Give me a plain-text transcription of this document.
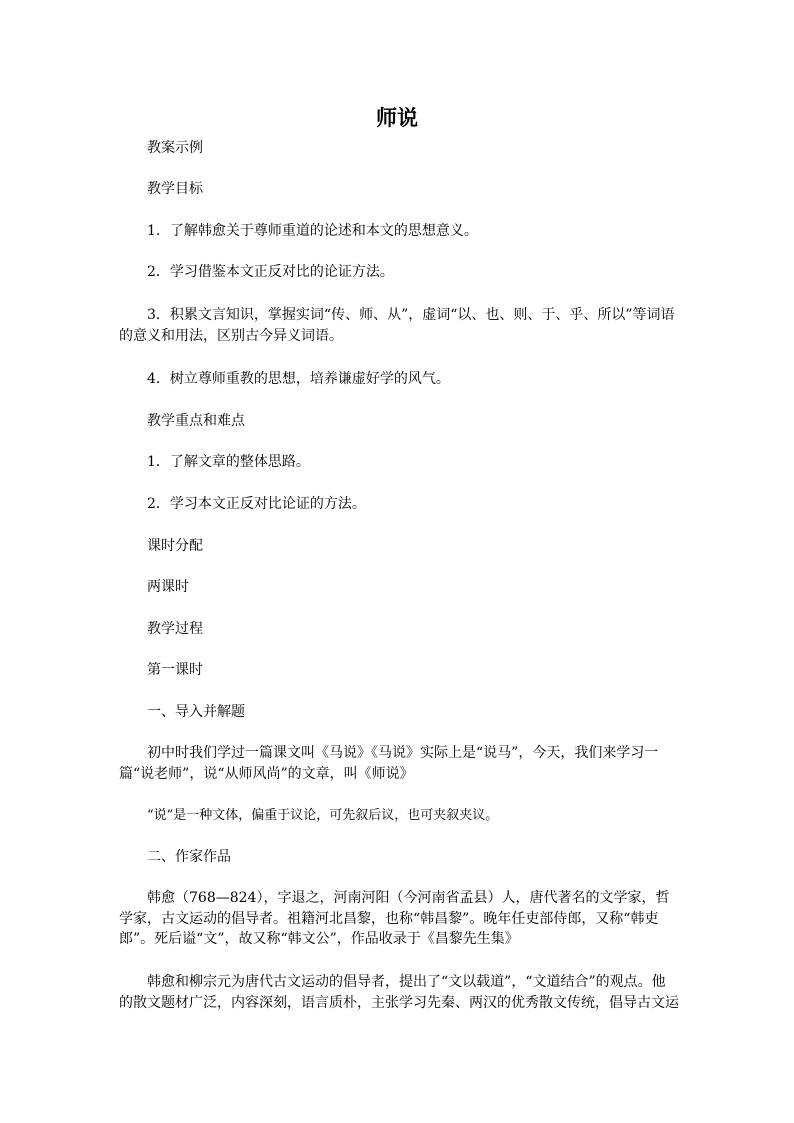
师说

教案示例

教学目标

1．了解韩愈关于尊师重道的论述和本文的思想意义。

2．学习借鉴本文正反对比的论证方法。

3．积累文言知识，掌握实词“传、师、从”，虚词“以、也、则、于、乎、所以”等词语的意义和用法，区别古今异义词语。

4．树立尊师重教的思想，培养谦虚好学的风气。

教学重点和难点

1．了解文章的整体思路。

2．学习本文正反对比论证的方法。

课时分配

两课时

教学过程

第一课时

一、导入并解题

初中时我们学过一篇课文叫《马说》《马说》实际上是“说马”，今天，我们来学习一篇“说老师”，说“从师风尚”的文章，叫《师说》

“说”是一种文体，偏重于议论，可先叙后议，也可夹叙夹议。

二、作家作品

韩愈（768—824），字退之，河南河阳（今河南省孟县）人，唐代著名的文学家，哲学家，古文运动的倡导者。祖籍河北昌黎，也称“韩昌黎”。晚年任吏部侍郎，又称“韩吏郎”。死后谥“文”，故又称“韩文公”，作品收录于《昌黎先生集》

韩愈和柳宗元为唐代古文运动的倡导者，提出了“文以载道”，“文道结合”的观点。他的散文题材广泛，内容深刻，语言质朴，主张学习先秦、两汉的优秀散文传统，倡导古文运
